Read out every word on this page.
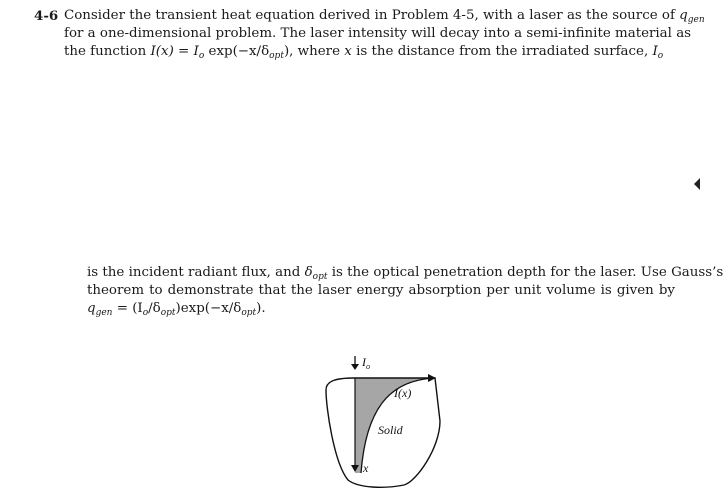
4-6 Consider the transient heat equation derived in Problem 4-5, with a laser as the source of $q_{gen}$
for a one-dimensional problem. The laser intensity will decay into a semi-infinite material as
the function $I(x) = I_o$ $\exp(-x/\delta_{opt})$, where x is the distance from the irradiated surface, $I_o$
is the incident radiant flux, and $\delta_{opt}$ is the optical penetration depth for the laser. Use Gauss’s
theorem to demonstrate that the laser energy absorption per unit volume is given by
$q_{gen} = (I_o/\delta_{opt})\exp(-x/\delta_{opt})$.
$I_o$
x
I(x)
Solid
